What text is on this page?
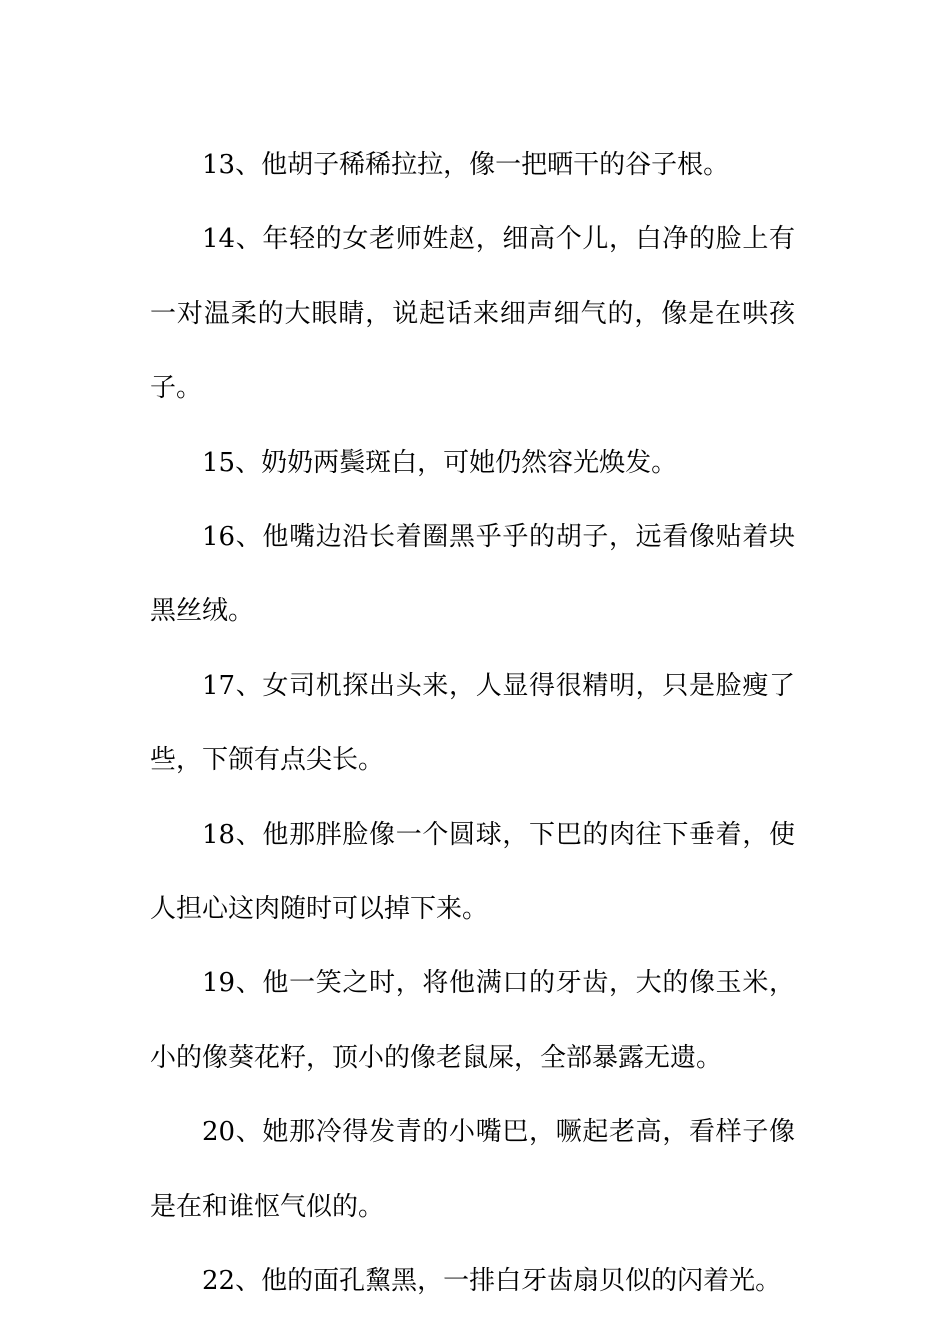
13、他胡子稀稀拉拉，像一把晒干的谷子根。

14、年轻的女老师姓赵，细高个儿，白净的脸上有一对温柔的大眼睛，说起话来细声细气的，像是在哄孩子。

15、奶奶两鬓斑白，可她仍然容光焕发。

16、他嘴边沿长着圈黑乎乎的胡子，远看像贴着块黑丝绒。

17、女司机探出头来，人显得很精明，只是脸瘦了些，下颌有点尖长。

18、他那胖脸像一个圆球，下巴的肉往下垂着，使人担心这肉随时可以掉下来。

19、他一笑之时，将他满口的牙齿，大的像玉米，小的像葵花籽，顶小的像老鼠屎，全部暴露无遗。

20、她那冷得发青的小嘴巴，噘起老高，看样子像是在和谁怄气似的。

22、他的面孔黧黑，一排白牙齿扇贝似的闪着光。
